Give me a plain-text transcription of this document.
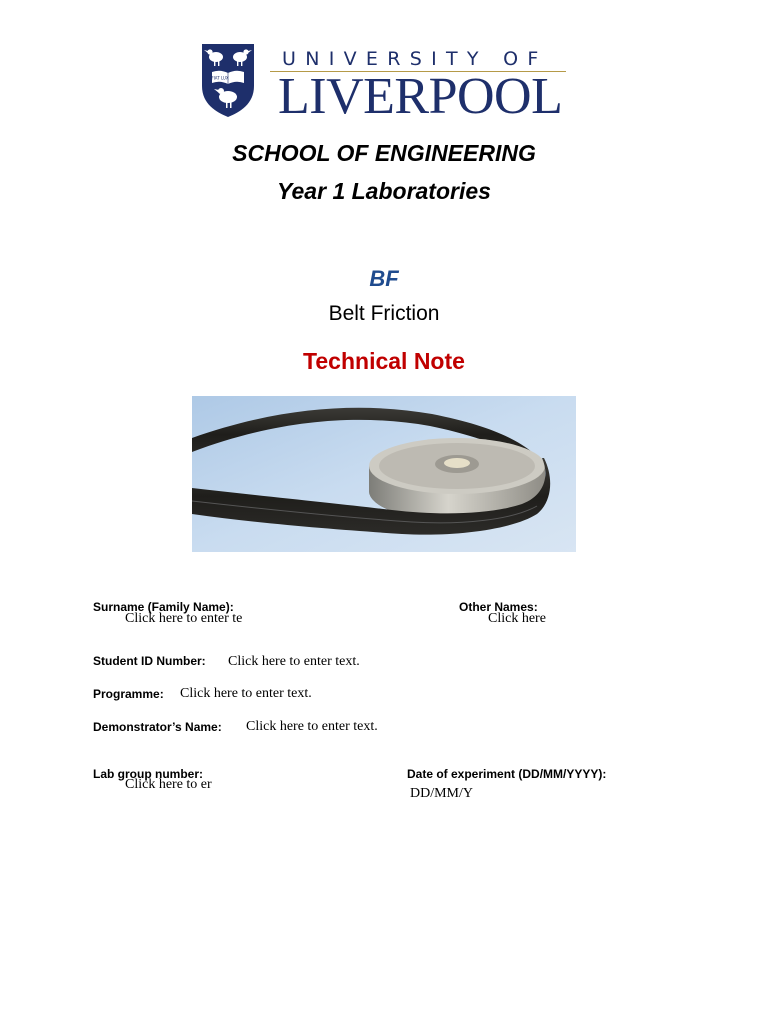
FIAT LUX
UNIVERSITY OF
LIVERPOOL
SCHOOL OF ENGINEERING
Year 1 Laboratories
BF
Belt Friction
Technical Note
Surname (Family Name):
Click here to enter te
Other Names:
Click here
Student ID Number: Click here to enter text.
Programme: Click here to enter text.
Demonstrator’s Name: Click here to enter text.
Lab group number:
Click here to er
Date of experiment (DD/MM/YYYY):
DD/MM/Y
